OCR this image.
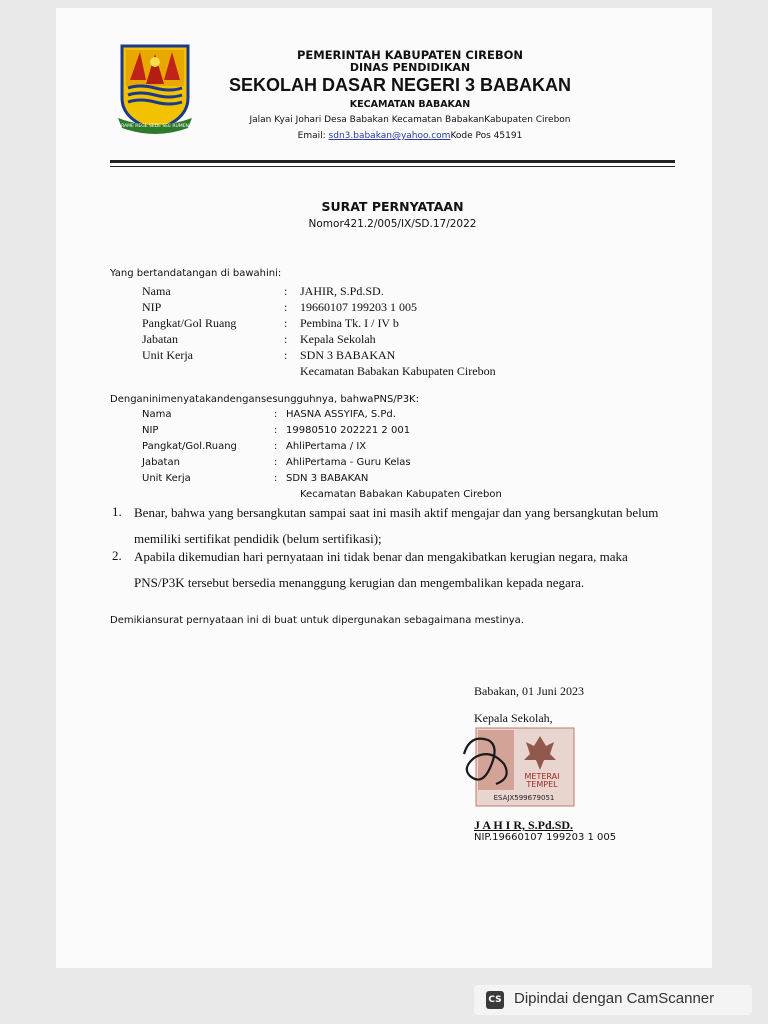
RAME REGE SEDE SEE RUMEN
PEMERINTAH KABUPATEN CIREBON
DINAS PENDIDIKAN
SEKOLAH DASAR NEGERI 3 BABAKAN
KECAMATAN BABAKAN
Jalan Kyai Johari Desa Babakan Kecamatan BabakanKabupaten Cirebon
Email: sdn3.babakan@yahoo.comKode Pos 45191
SURAT PERNYATAAN
Nomor421.2/005/IX/SD.17/2022
Yang bertandatangan di bawahini:
Nama	: JAHIR, S.Pd.SD.
NIP	: 19660107 199203 1 005
Pangkat/Gol Ruang	: Pembina Tk. I / IV b
Jabatan	: Kepala Sekolah
Unit Kerja	: SDN 3 BABAKAN
Kecamatan Babakan Kabupaten Cirebon
Denganinimenyatakandengansesungguhnya, bahwaPNS/P3K:
Nama	: HASNA ASSYIFA, S.Pd.
NIP	: 19980510 202221 2 001
Pangkat/Gol.Ruang	: AhliPertama / IX
Jabatan	: AhliPertama - Guru Kelas
Unit Kerja	: SDN 3 BABAKAN
Kecamatan Babakan Kabupaten Cirebon
1. Benar, bahwa yang bersangkutan sampai saat ini masih aktif mengajar dan yang bersangkutan belum
memiliki sertifikat pendidik (belum sertifikasi);
2. Apabila dikemudian hari pernyataan ini tidak benar dan mengakibatkan kerugian negara, maka
PNS/P3K tersebut bersedia menanggung kerugian dan mengembalikan kepada negara.
Demikiansurat pernyataan ini di buat untuk dipergunakan sebagaimana mestinya.
Babakan, 01 Juni 2023
Kepala Sekolah,
METERAI
TEMPEL
ESAJX599679051
J A H I R, S.Pd.SD.
NIP.19660107 199203 1 005
CS Dipindai dengan CamScanner
